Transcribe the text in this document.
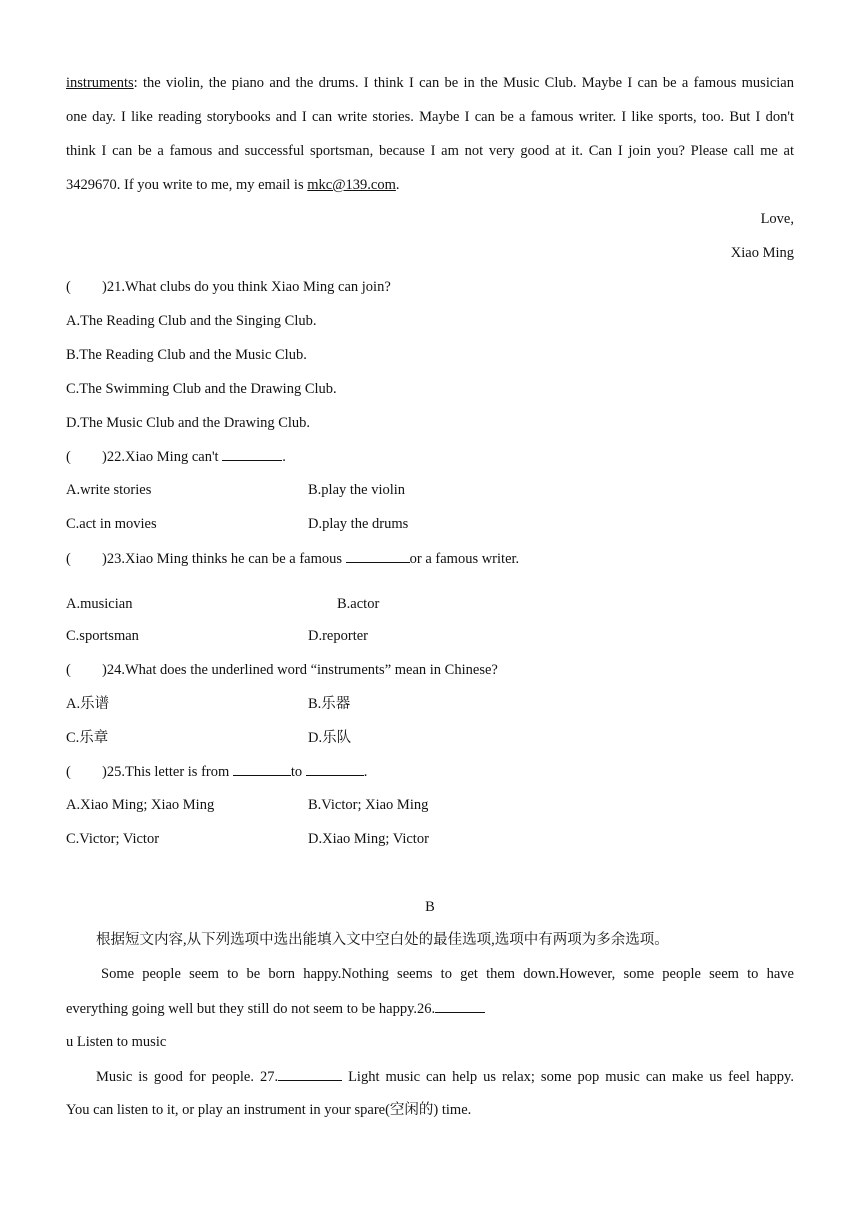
instruments: the violin, the piano and the drums. I think I can be in the Music Club. Maybe I can be a famous musician
one day. I like reading storybooks and I can write stories. Maybe I can be a famous writer. I like sports, too. But I don't
think I can be a famous and successful sportsman, because I am not very good at it. Can I join you? Please call me at
3429670. If you write to me, my email is mkc@139.com.
Love,
Xiao Ming
( )21.What clubs do you think Xiao Ming can join?
A.The Reading Club and the Singing Club.
B.The Reading Club and the Music Club.
C.The Swimming Club and the Drawing Club.
D.The Music Club and the Drawing Club.
( )22.Xiao Ming can't	.
A.write stories	B.play the violin
C.act in movies	D.play the drums
( )23.Xiao Ming thinks he can be a famous	or a famous writer.
A.musician	B.actor
C.sportsman	D.reporter
( )24.What does the underlined word “instruments” mean in Chinese?
A.乐谱	B.乐器
C.乐章	D.乐队
( )25.This letter is from	to	.
A.Xiao Ming; Xiao Ming	B.Victor; Xiao Ming
C.Victor; Victor	D.Xiao Ming; Victor
B
根据短文内容,从下列选项中选出能填入文中空白处的最佳选项,选项中有两项为多余选项。
Some people seem to be born happy.Nothing seems to get them down.However, some people seem to have
everything going well but they still do not seem to be happy.26.
u Listen to music
Music is good for people. 27.	Light music can help us relax; some pop music can make us feel happy.
You can listen to it, or play an instrument in your spare(空闲的) time.
